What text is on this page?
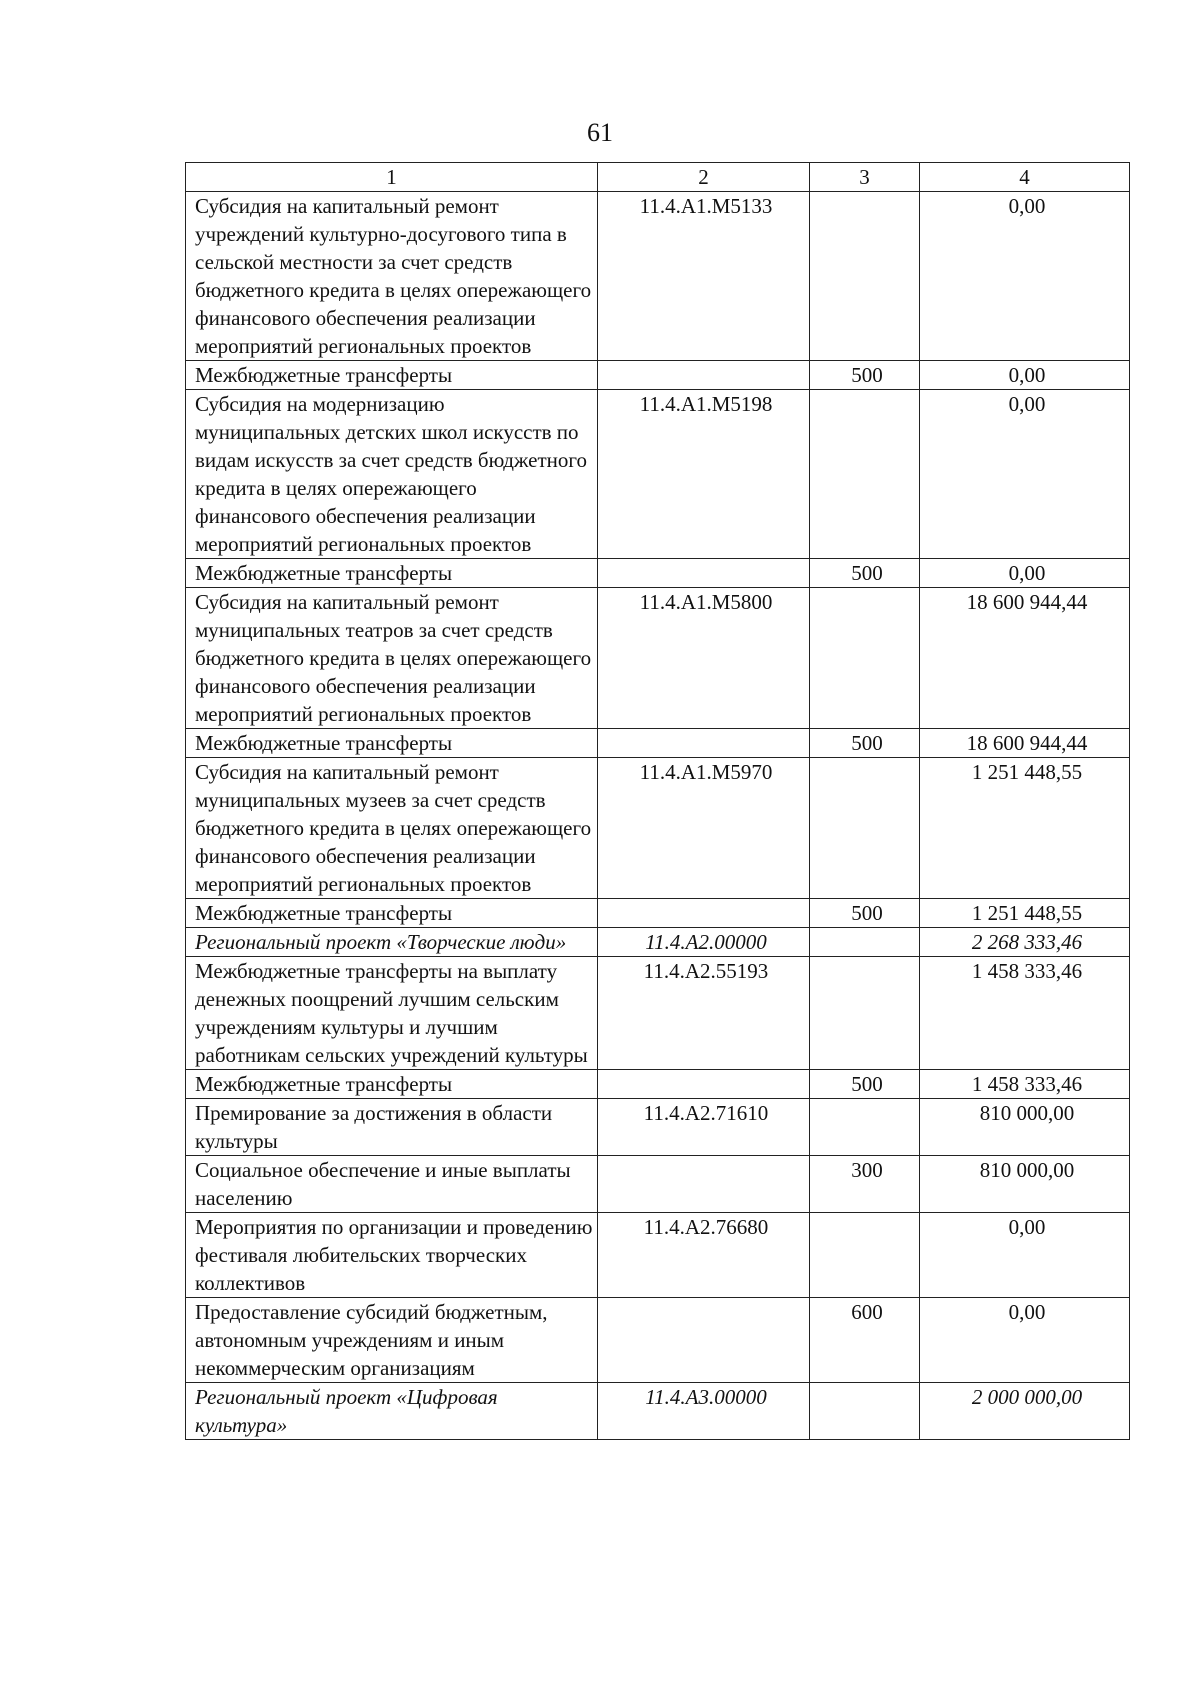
61
1	2	3	4
Субсидия на капитальный ремонт учреждений культурно-досугового типа в сельской местности за счет средств бюджетного кредита в целях опережающего финансового обеспечения реализации мероприятий региональных проектов	11.4.A1.M5133		0,00
Межбюджетные трансферты		500	0,00
Субсидия на модернизацию муниципальных детских школ искусств по видам искусств за счет средств бюджетного кредита в целях опережающего финансового обеспечения реализации мероприятий региональных проектов	11.4.A1.M5198		0,00
Межбюджетные трансферты		500	0,00
Субсидия на капитальный ремонт муниципальных театров за счет средств бюджетного кредита в целях опережающего финансового обеспечения реализации мероприятий региональных проектов	11.4.A1.M5800		18 600 944,44
Межбюджетные трансферты		500	18 600 944,44
Субсидия на капитальный ремонт муниципальных музеев за счет средств бюджетного кредита в целях опережающего финансового обеспечения реализации мероприятий региональных проектов	11.4.A1.M5970		1 251 448,55
Межбюджетные трансферты		500	1 251 448,55
Региональный проект «Творческие люди»	11.4.A2.00000		2 268 333,46
Межбюджетные трансферты на выплату денежных поощрений лучшим сельским учреждениям культуры и лучшим работникам сельских учреждений культуры	11.4.A2.55193		1 458 333,46
Межбюджетные трансферты		500	1 458 333,46
Премирование за достижения в области культуры	11.4.A2.71610		810 000,00
Социальное обеспечение и иные выплаты населению		300	810 000,00
Мероприятия по организации и проведению фестиваля любительских творческих коллективов	11.4.A2.76680		0,00
Предоставление субсидий бюджетным, автономным учреждениям и иным некоммерческим организациям		600	0,00
Региональный проект «Цифровая культура»	11.4.A3.00000		2 000 000,00
